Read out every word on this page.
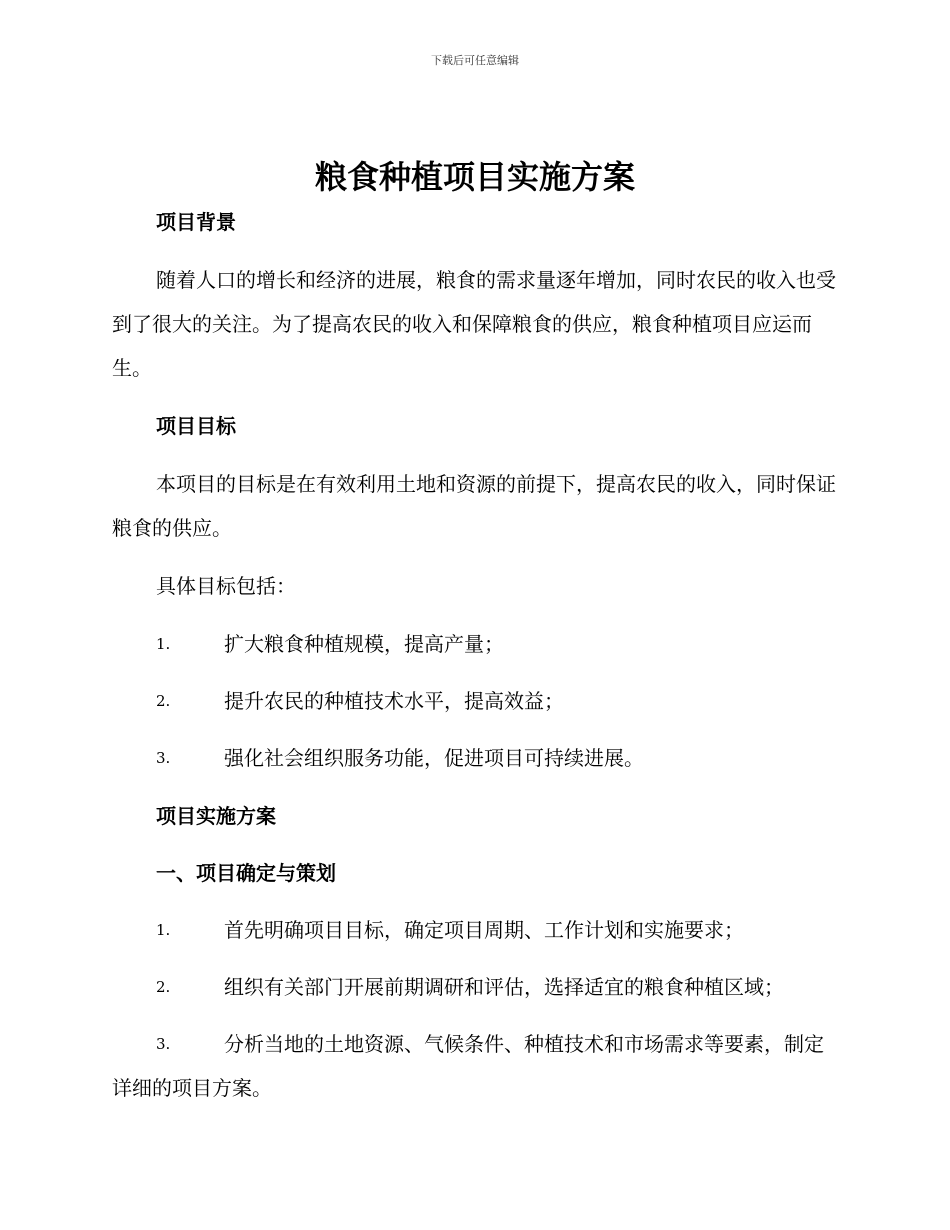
下载后可任意编辑
粮食种植项目实施方案
项目背景
随着人口的增长和经济的进展，粮食的需求量逐年增加，同时农民的收入也受到了很大的关注。为了提高农民的收入和保障粮食的供应，粮食种植项目应运而生。
项目目标
本项目的目标是在有效利用土地和资源的前提下，提高农民的收入，同时保证粮食的供应。
具体目标包括：
1.	扩大粮食种植规模，提高产量；
2.	提升农民的种植技术水平，提高效益；
3.	强化社会组织服务功能，促进项目可持续进展。
项目实施方案
一、项目确定与策划
1.	首先明确项目目标，确定项目周期、工作计划和实施要求；
2.	组织有关部门开展前期调研和评估，选择适宜的粮食种植区域；
3.	分析当地的土地资源、气候条件、种植技术和市场需求等要素，制定详细的项目方案。
